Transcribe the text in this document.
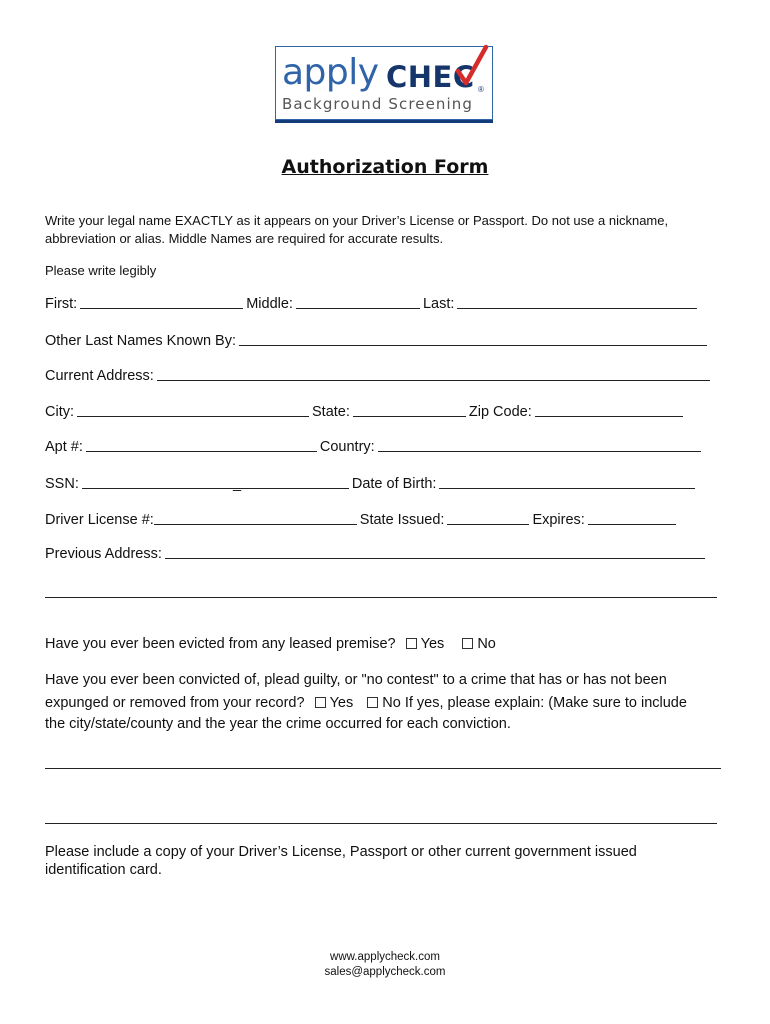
apply CHEC ®
Background Screening
Authorization Form
Write your legal name EXACTLY as it appears on your Driver’s License or Passport. Do not use a nickname, abbreviation or alias. Middle Names are required for accurate results.
Please write legibly
First:	Middle:	Last:
Other Last Names Known By:
Current Address:
City:	State:	Zip Code:
Apt #:	Country:
SSN:	Date of Birth:
_
Driver License #:	State Issued:	Expires:
Previous Address:
Have you ever been evicted from any leased premise? Yes No
Have you ever been convicted of, plead guilty, or "no contest" to a crime that has or has not been
expunged or removed from your record? Yes No If yes, please explain: (Make sure to include
the city/state/county and the year the crime occurred for each conviction.
Please include a copy of your Driver’s License, Passport or other current government issued identification card.
www.applycheck.com
sales@applycheck.com
